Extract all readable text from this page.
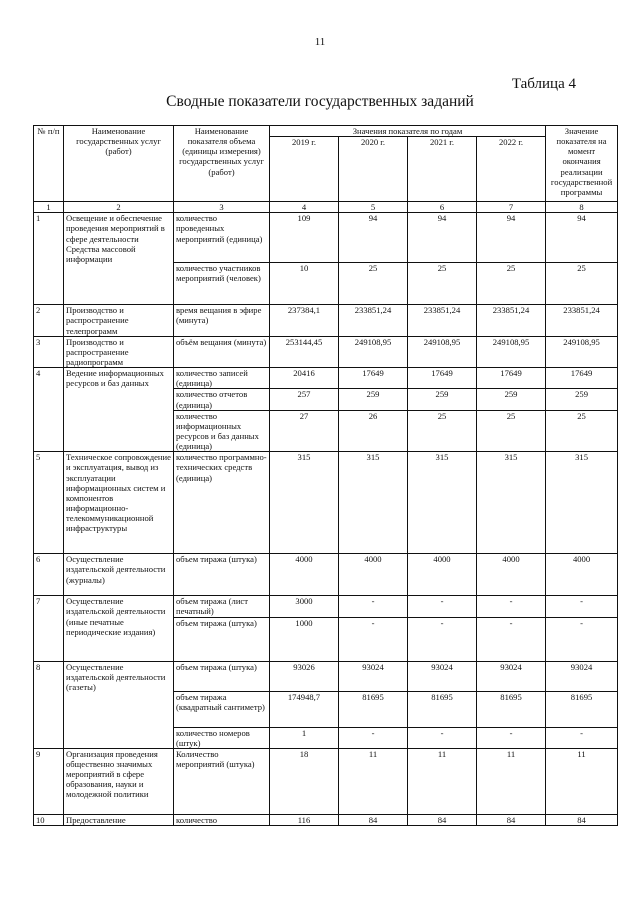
11
Таблица 4
Сводные показатели государственных заданий
№ п/п	Наименование государственных услуг (работ)	Наименование показателя объема (единицы измерения) государственных услуг (работ)	Значения показателя по годам				Значение показателя на момент окончания реализации государственной программы
			2019 г.	2020 г.	2021 г.	2022 г.	
1	2	3	4	5	6	7	8
1	Освещение и обеспечение проведения мероприятий в сфере деятельности Средства массовой информации	количество проведенных мероприятий (единица)	109	94	94	94	94
		количество участников мероприятий (человек)	10	25	25	25	25
2	Производство и распространение телепрограмм	время вещания в эфире (минута)	237384,1	233851,24	233851,24	233851,24	233851,24
3	Производство и распространение радиопрограмм	объём вещания (минута)	253144,45	249108,95	249108,95	249108,95	249108,95
4	Ведение информационных ресурсов и баз данных	количество записей (единица)	20416	17649	17649	17649	17649
		количество отчетов (единица)	257	259	259	259	259
		количество информационных ресурсов и баз данных (единица)	27	26	25	25	25
5	Техническое сопровождение и эксплуатация, вывод из эксплуатации информационных систем и компонентов информационно-телекоммуникационной инфраструктуры	количество программно-технических средств (единица)	315	315	315	315	315
6	Осуществление издательской деятельности (журналы)	объем тиража (штука)	4000	4000	4000	4000	4000
7	Осуществление издательской деятельности (иные печатные периодические издания)	объем тиража (лист печатный)	3000	-	-	-	-
		объем тиража (штука)	1000	-	-	-	-
8	Осуществление издательской деятельности (газеты)	объем тиража (штука)	93026	93024	93024	93024	93024
		объем тиража (квадратный сантиметр)	174948,7	81695	81695	81695	81695
		количество номеров (штук)	1	-	-	-	-
9	Организация проведения общественно значимых мероприятий в сфере образования, науки и молодежной политики	Количество мероприятий (штука)	18	11	11	11	11
10	Предоставление	количество	116	84	84	84	84
